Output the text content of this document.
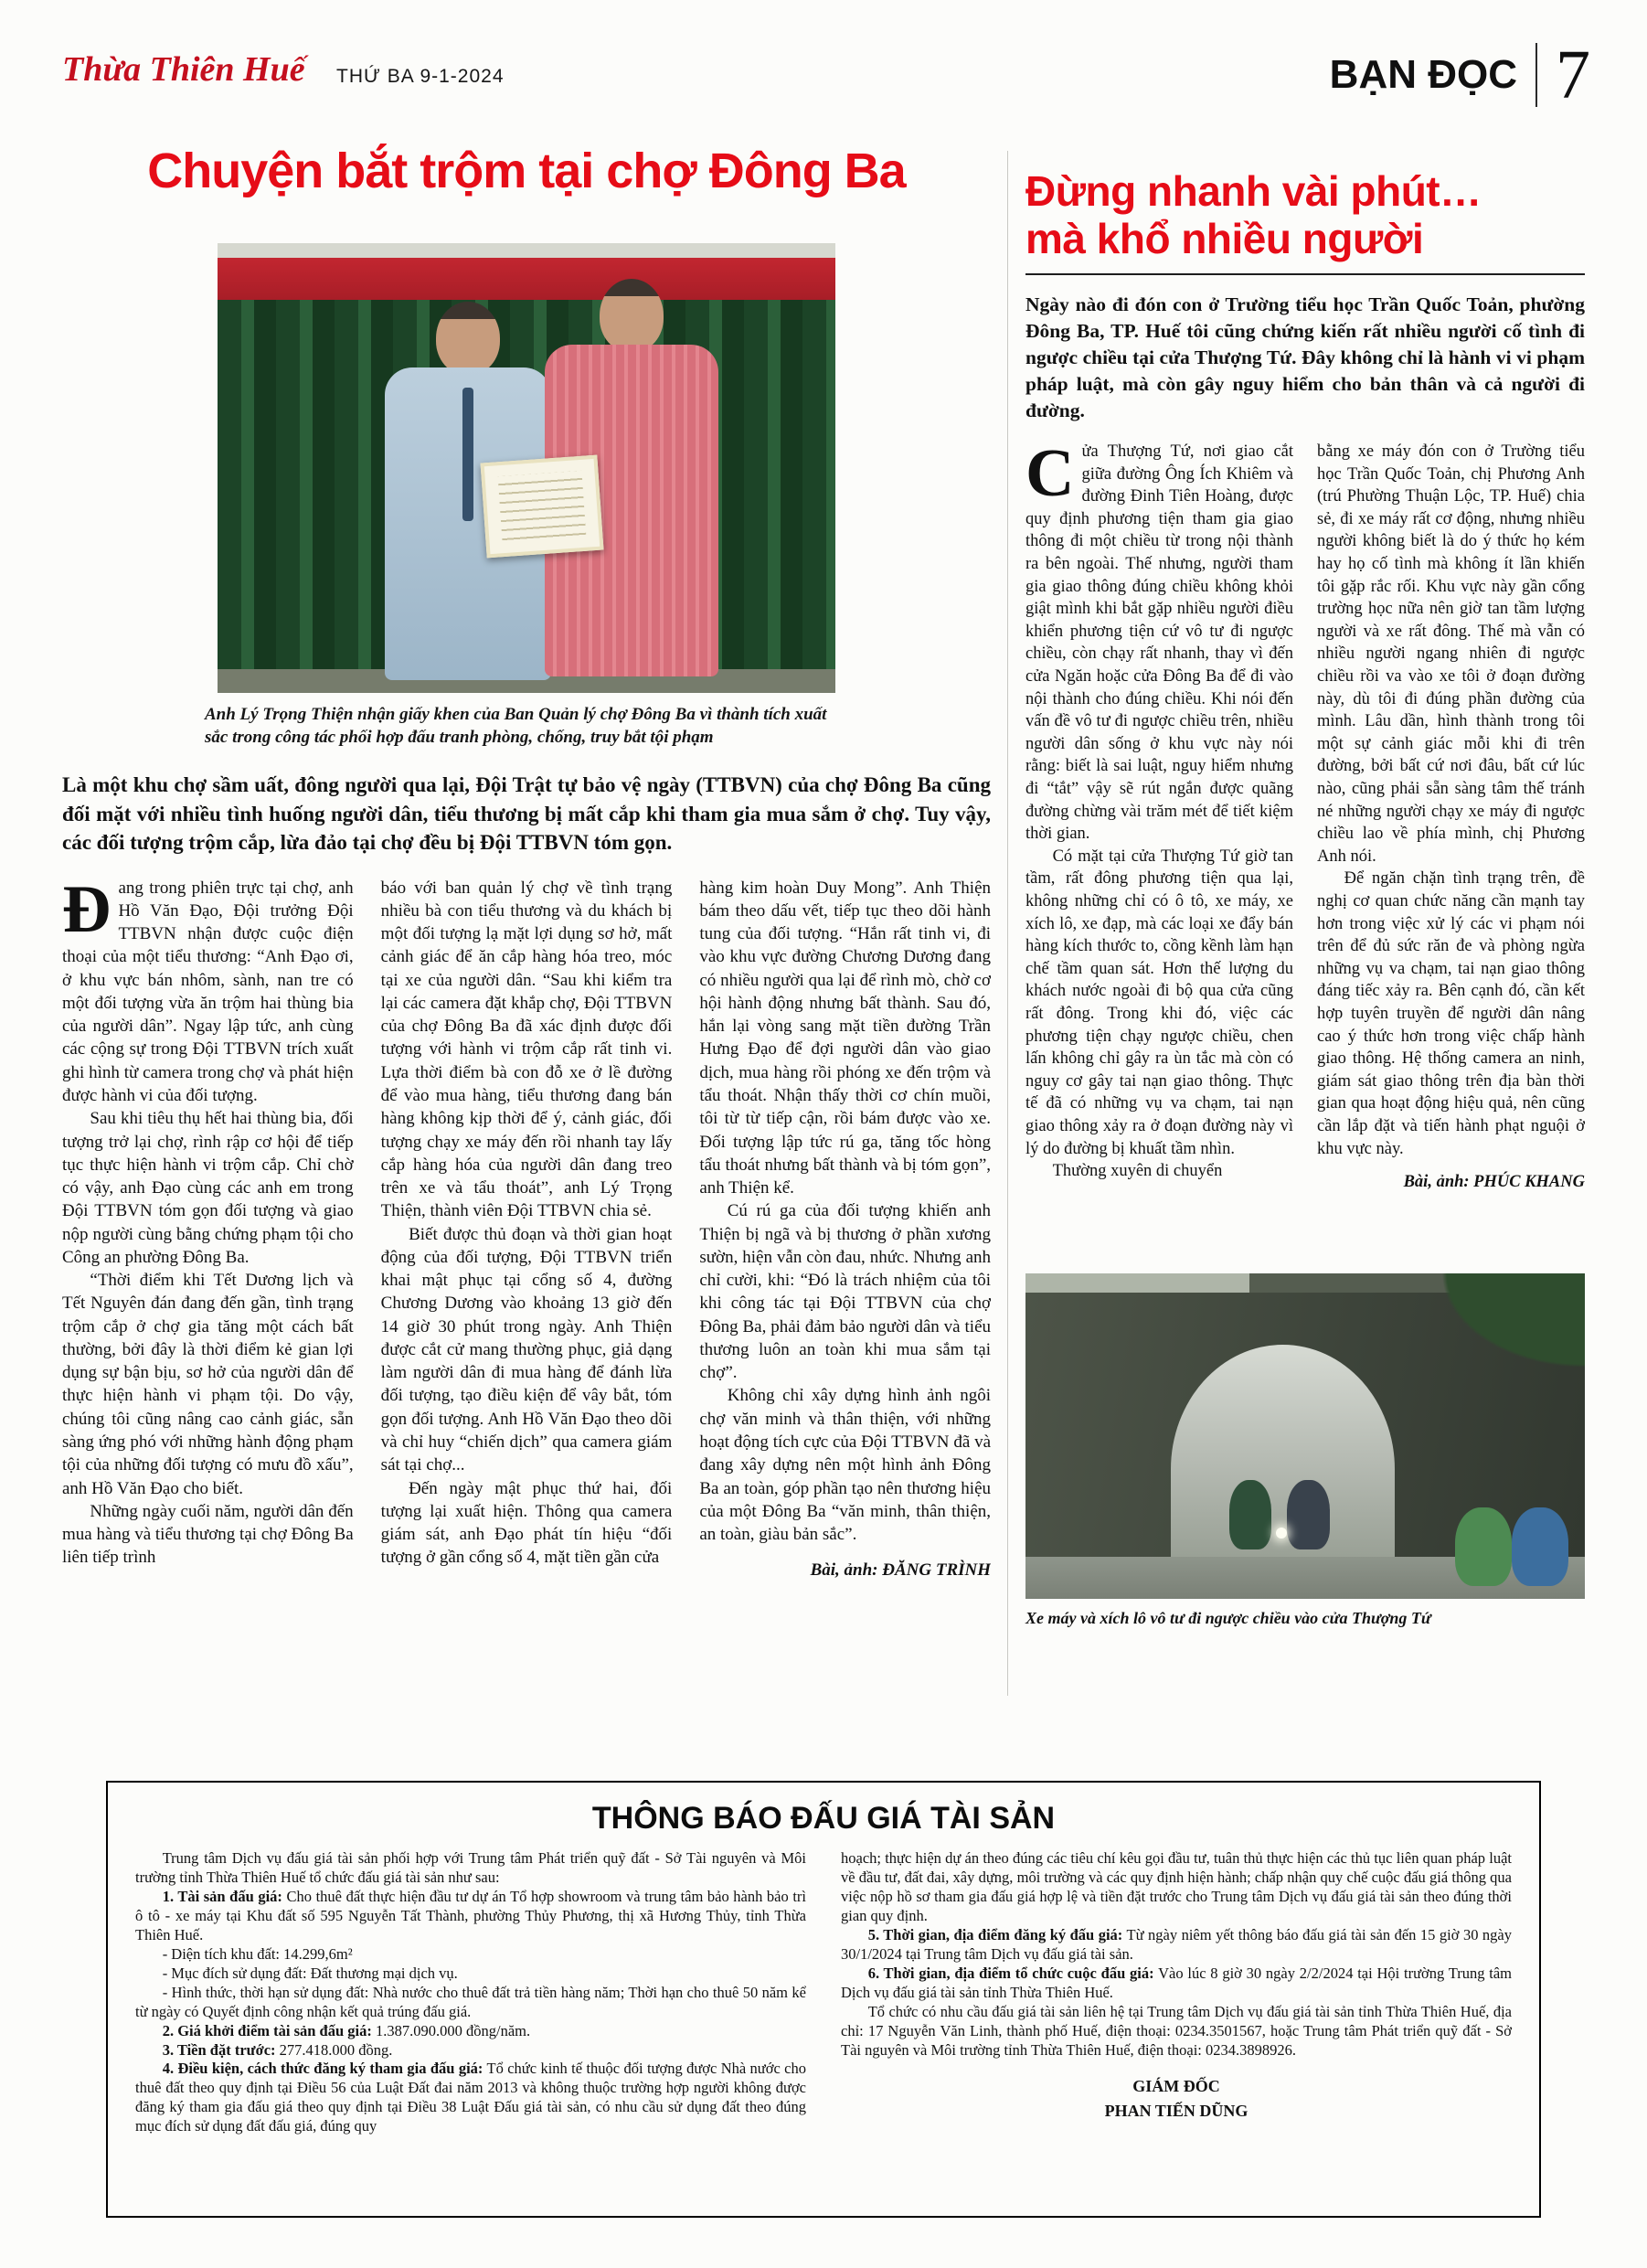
Thừa Thiên Huế THỨ BA 9-1-2024	BẠN ĐỌC 7
Chuyện bắt trộm tại chợ Đông Ba
Anh Lý Trọng Thiện nhận giấy khen của Ban Quản lý chợ Đông Ba vì thành tích xuất sắc trong công tác phối hợp đấu tranh phòng, chống, truy bắt tội phạm

Là một khu chợ sầm uất, đông người qua lại, Đội Trật tự bảo vệ ngày (TTBVN) của chợ Đông Ba cũng đối mặt với nhiều tình huống người dân, tiểu thương bị mất cắp khi tham gia mua sắm ở chợ. Tuy vậy, các đối tượng trộm cắp, lừa đảo tại chợ đều bị Đội TTBVN tóm gọn.

Đang trong phiên trực tại chợ, anh Hồ Văn Đạo, Đội trưởng Đội TTBVN nhận được cuộc điện thoại của một tiểu thương: “Anh Đạo ơi, ở khu vực bán nhôm, sành, nan tre có một đối tượng vừa ăn trộm hai thùng bia của người dân”. Ngay lập tức, anh cùng các cộng sự trong Đội TTBVN trích xuất ghi hình từ camera trong chợ và phát hiện được hành vi của đối tượng.

Sau khi tiêu thụ hết hai thùng bia, đối tượng trở lại chợ, rình rập cơ hội để tiếp tục thực hiện hành vi trộm cắp. Chỉ chờ có vậy, anh Đạo cùng các anh em trong Đội TTBVN tóm gọn đối tượng và giao nộp người cùng bằng chứng phạm tội cho Công an phường Đông Ba.

“Thời điểm khi Tết Dương lịch và Tết Nguyên đán đang đến gần, tình trạng trộm cắp ở chợ gia tăng một cách bất thường, bởi đây là thời điểm kẻ gian lợi dụng sự bận bịu, sơ hở của người dân để thực hiện hành vi phạm tội. Do vậy, chúng tôi cũng nâng cao cảnh giác, sẵn sàng ứng phó với những hành động phạm tội của những đối tượng có mưu đồ xấu”, anh Hồ Văn Đạo cho biết.

Những ngày cuối năm, người dân đến mua hàng và tiểu thương tại chợ Đông Ba liên tiếp trình

báo với ban quản lý chợ về tình trạng nhiều bà con tiểu thương và du khách bị một đối tượng lạ mặt lợi dụng sơ hở, mất cảnh giác để ăn cắp hàng hóa treo, móc tại xe của người dân. “Sau khi kiểm tra lại các camera đặt khắp chợ, Đội TTBVN của chợ Đông Ba đã xác định được đối tượng với hành vi trộm cắp rất tinh vi. Lựa thời điểm bà con đỗ xe ở lề đường để vào mua hàng, tiểu thương đang bán hàng không kịp thời để ý, cảnh giác, đối tượng chạy xe máy đến rồi nhanh tay lấy cắp hàng hóa của người dân đang treo trên xe và tẩu thoát”, anh Lý Trọng Thiện, thành viên Đội TTBVN chia sẻ.

Biết được thủ đoạn và thời gian hoạt động của đối tượng, Đội TTBVN triển khai mật phục tại cổng số 4, đường Chương Dương vào khoảng 13 giờ đến 14 giờ 30 phút trong ngày. Anh Thiện được cắt cử mang thường phục, giả dạng làm người dân đi mua hàng để đánh lừa đối tượng, tạo điều kiện để vây bắt, tóm gọn đối tượng. Anh Hồ Văn Đạo theo dõi và chỉ huy “chiến dịch” qua camera giám sát tại chợ...

Đến ngày mật phục thứ hai, đối tượng lại xuất hiện. Thông qua camera giám sát, anh Đạo phát tín hiệu “đối tượng ở gần cổng số 4, mặt tiền gần cửa

hàng kim hoàn Duy Mong”. Anh Thiện bám theo dấu vết, tiếp tục theo dõi hành tung của đối tượng. “Hắn rất tinh vi, đi vào khu vực đường Chương Dương đang có nhiều người qua lại để rình mò, chờ cơ hội hành động nhưng bất thành. Sau đó, hắn lại vòng sang mặt tiền đường Trần Hưng Đạo để đợi người dân vào giao dịch, mua hàng rồi phóng xe đến trộm và tẩu thoát. Nhận thấy thời cơ chín muồi, tôi từ từ tiếp cận, rồi bám được vào xe. Đối tượng lập tức rú ga, tăng tốc hòng tẩu thoát nhưng bất thành và bị tóm gọn”, anh Thiện kể.

Cú rú ga của đối tượng khiến anh Thiện bị ngã và bị thương ở phần xương sườn, hiện vẫn còn đau, nhức. Nhưng anh chỉ cười, khi: “Đó là trách nhiệm của tôi khi công tác tại Đội TTBVN của chợ Đông Ba, phải đảm bảo người dân và tiểu thương luôn an toàn khi mua sắm tại chợ”.

Không chỉ xây dựng hình ảnh ngôi chợ văn minh và thân thiện, với những hoạt động tích cực của Đội TTBVN đã và đang xây dựng nên một hình ảnh Đông Ba an toàn, góp phần tạo nên thương hiệu của một Đông Ba “văn minh, thân thiện, an toàn, giàu bản sắc”.

Bài, ảnh: ĐĂNG TRÌNH
Đừng nhanh vài phút…
mà khổ nhiều người

Ngày nào đi đón con ở Trường tiểu học Trần Quốc Toản, phường Đông Ba, TP. Huế tôi cũng chứng kiến rất nhiều người cố tình đi ngược chiều tại cửa Thượng Tứ. Đây không chỉ là hành vi vi phạm pháp luật, mà còn gây nguy hiểm cho bản thân và cả người đi đường.

Cửa Thượng Tứ, nơi giao cắt giữa đường Ông Ích Khiêm và đường Đinh Tiên Hoàng, được quy định phương tiện tham gia giao thông đi một chiều từ trong nội thành ra bên ngoài. Thế nhưng, người tham gia giao thông đúng chiều không khỏi giật mình khi bắt gặp nhiều người điều khiển phương tiện cứ vô tư đi ngược chiều, còn chạy rất nhanh, thay vì đến cửa Ngăn hoặc cửa Đông Ba để đi vào nội thành cho đúng chiều. Khi nói đến vấn đề vô tư đi ngược chiều trên, nhiều người dân sống ở khu vực này nói rằng: biết là sai luật, nguy hiểm nhưng đi “tắt” vậy sẽ rút ngắn được quãng đường chừng vài trăm mét để tiết kiệm thời gian.

Có mặt tại cửa Thượng Tứ giờ tan tầm, rất đông phương tiện qua lại, không những chỉ có ô tô, xe máy, xe xích lô, xe đạp, mà các loại xe đẩy bán hàng kích thước to, cồng kềnh làm hạn chế tầm quan sát. Hơn thế lượng du khách nước ngoài đi bộ qua cửa cũng rất đông. Trong khi đó, việc các phương tiện chạy ngược chiều, chen lấn không chỉ gây ra ùn tắc mà còn có nguy cơ gây tai nạn giao thông. Thực tế đã có những vụ va chạm, tai nạn giao thông xảy ra ở đoạn đường này vì lý do đường bị khuất tầm nhìn.

Thường xuyên di chuyển

bằng xe máy đón con ở Trường tiểu học Trần Quốc Toản, chị Phương Anh (trú Phường Thuận Lộc, TP. Huế) chia sẻ, đi xe máy rất cơ động, nhưng nhiều người không biết là do ý thức họ kém hay họ cố tình mà không ít lần khiến tôi gặp rắc rối. Khu vực này gần cổng trường học nữa nên giờ tan tầm lượng người và xe rất đông. Thế mà vẫn có nhiều người ngang nhiên đi ngược chiều rồi va vào xe tôi ở đoạn đường này, dù tôi đi đúng phần đường của mình. Lâu dần, hình thành trong tôi một sự cảnh giác mỗi khi đi trên đường, bởi bất cứ nơi đâu, bất cứ lúc nào, cũng phải sẵn sàng tâm thế tránh né những người chạy xe máy đi ngược chiều lao về phía mình, chị Phương Anh nói.

Để ngăn chặn tình trạng trên, đề nghị cơ quan chức năng cần mạnh tay hơn trong việc xử lý các vi phạm nói trên để đủ sức răn đe và phòng ngừa những vụ va chạm, tai nạn giao thông đáng tiếc xảy ra. Bên cạnh đó, cần kết hợp tuyên truyền để người dân nâng cao ý thức hơn trong việc chấp hành giao thông. Hệ thống camera an ninh, giám sát giao thông trên địa bàn thời gian qua hoạt động hiệu quả, nên cũng cần lắp đặt và tiến hành phạt nguội ở khu vực này.

Bài, ảnh: PHÚC KHANG
Xe máy và xích lô vô tư đi ngược chiều vào cửa Thượng Tứ
THÔNG BÁO ĐẤU GIÁ TÀI SẢN

Trung tâm Dịch vụ đấu giá tài sản phối hợp với Trung tâm Phát triển quỹ đất - Sở Tài nguyên và Môi trường tỉnh Thừa Thiên Huế tổ chức đấu giá tài sản như sau:

1. Tài sản đấu giá: Cho thuê đất thực hiện đầu tư dự án Tổ hợp showroom và trung tâm bảo hành bảo trì ô tô - xe máy tại Khu đất số 595 Nguyễn Tất Thành, phường Thủy Phương, thị xã Hương Thủy, tỉnh Thừa Thiên Huế.

- Diện tích khu đất: 14.299,6m²

- Mục đích sử dụng đất: Đất thương mại dịch vụ.

- Hình thức, thời hạn sử dụng đất: Nhà nước cho thuê đất trả tiền hàng năm; Thời hạn cho thuê 50 năm kể từ ngày có Quyết định công nhận kết quả trúng đấu giá.

2. Giá khởi điểm tài sản đấu giá: 1.387.090.000 đồng/năm.

3. Tiền đặt trước: 277.418.000 đồng.

4. Điều kiện, cách thức đăng ký tham gia đấu giá: Tổ chức kinh tế thuộc đối tượng được Nhà nước cho thuê đất theo quy định tại Điều 56 của Luật Đất đai năm 2013 và không thuộc trường hợp người không được đăng ký tham gia đấu giá theo quy định tại Điều 38 Luật Đấu giá tài sản, có nhu cầu sử dụng đất theo đúng mục đích sử dụng đất đấu giá, đúng quy

hoạch; thực hiện dự án theo đúng các tiêu chí kêu gọi đầu tư, tuân thủ thực hiện các thủ tục liên quan pháp luật về đầu tư, đất đai, xây dựng, môi trường và các quy định hiện hành; chấp nhận quy chế cuộc đấu giá thông qua việc nộp hồ sơ tham gia đấu giá hợp lệ và tiền đặt trước cho Trung tâm Dịch vụ đấu giá tài sản theo đúng thời gian quy định.

5. Thời gian, địa điểm đăng ký đấu giá: Từ ngày niêm yết thông báo đấu giá tài sản đến 15 giờ 30 ngày 30/1/2024 tại Trung tâm Dịch vụ đấu giá tài sản.

6. Thời gian, địa điểm tổ chức cuộc đấu giá: Vào lúc 8 giờ 30 ngày 2/2/2024 tại Hội trường Trung tâm Dịch vụ đấu giá tài sản tỉnh Thừa Thiên Huế.

Tổ chức có nhu cầu đấu giá tài sản liên hệ tại Trung tâm Dịch vụ đấu giá tài sản tỉnh Thừa Thiên Huế, địa chỉ: 17 Nguyễn Văn Linh, thành phố Huế, điện thoại: 0234.3501567, hoặc Trung tâm Phát triển quỹ đất - Sở Tài nguyên và Môi trường tỉnh Thừa Thiên Huế, điện thoại: 0234.3898926.

GIÁM ĐỐC
PHAN TIẾN DŨNG
